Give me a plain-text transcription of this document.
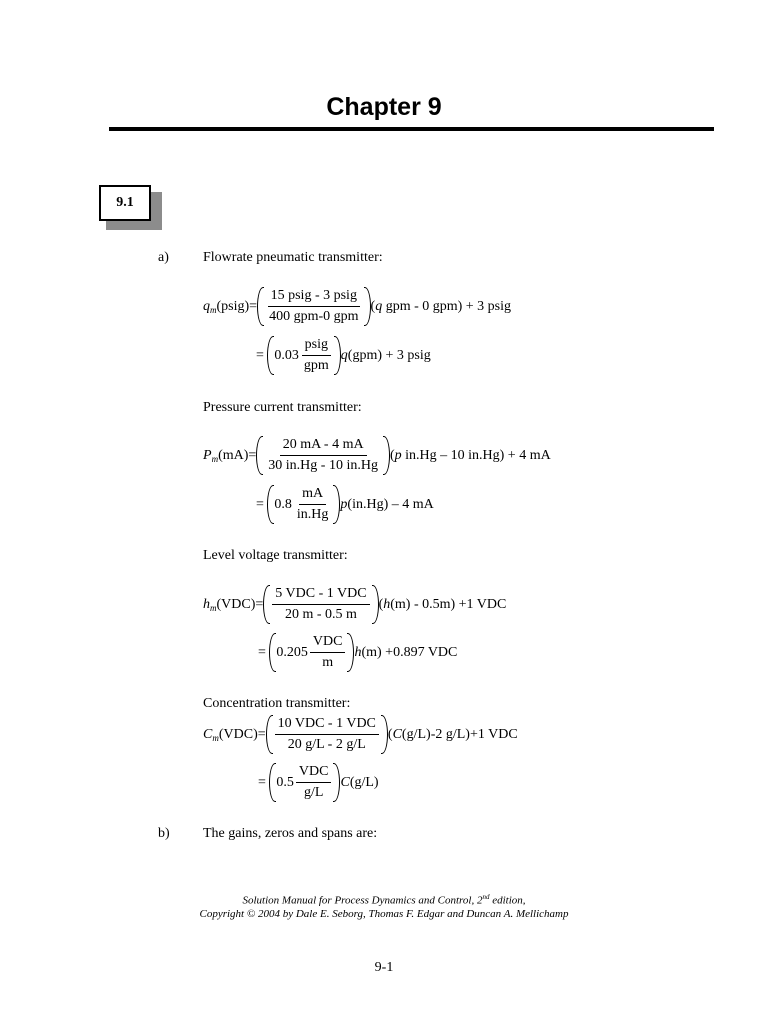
Chapter 9
9.1
a) Flowrate pneumatic transmitter:
$q_m(psig)= \frac{\text{15 psig - 3 psig}}{\text{400 gpm-0 gpm}} (q$ gpm - 0 gpm) + 3 psig
=
$0.03 \frac{\text{psig}}{\text{gpm}} q(gpm) + 3$ psig
Pressure current transmitter:
$P_m(mA)= \frac{20 mA - 4 mA}{30 in.Hg - 10 in.Hg} (p$ in.Hg – 10 in.Hg) + 4 mA
=
$0.8 \frac{mA}{in.Hg} p(in.Hg) - 4$ mA
Level voltage transmitter:
$h_m(VDC)= \frac{\text{5 VDC - 1 VDC}}{20 m - 0.5 m} (h(m) - 0.5m) +1$ VDC
=
$0.205 \frac{\text{VDC}}{m} h(m) +0.897$ VDC
Concentration transmitter:
$C_m(VDC)= \frac{\text{10 VDC - 1 VDC}}{20 g/L - 2 g/L} (C(g/L)-2$ g/L)+1 VDC
=
$0.5 \frac{\text{VDC}}{g/L} C(g/L)$
b) The gains, zeros and spans are:
Solution Manual for Process Dynamics and Control, 2nd edition,
Copyright © 2004 by Dale E. Seborg, Thomas F. Edgar and Duncan A. Mellichamp
9-1
